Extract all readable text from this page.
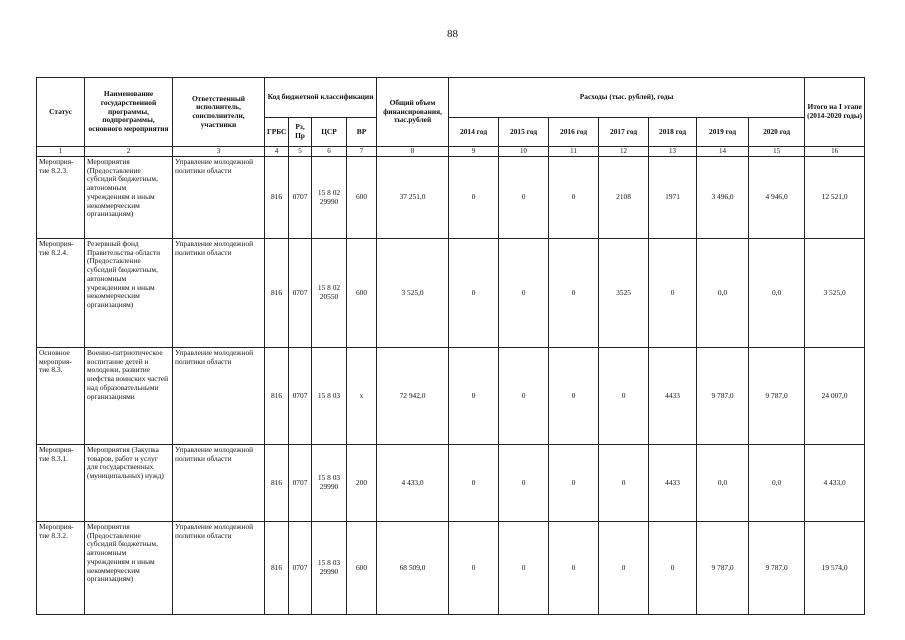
88
Статус	Наименование государственной программы, подпрограммы, основного мероприятия	Ответственный исполнитель, соисполнители, участники	Код бюджетной классификации				Общий объем финансирования, тыс.рублей	Расходы (тыс. рублей), годы							Итого на I этапе (2014-2020 годы)
			ГРБС	Рз, Пр	ЦСР	ВР		2014 год	2015 год	2016 год	2017 год	2018 год	2019 год	2020 год	
1	2	3	4	5	6	7	8	9	10	11	12	13	14	15	16
Мероприя-тие 8.2.3.	Мероприятия (Предоставление субсидий бюджетным, автономным учреждениям и иным некоммерческим организациям)	Управление молодежной политики области	816	0707	15 8 02 29990	600	37 251,0	0	0	0	2108	1971	3 496,0	4 946,0	12 521,0
Мероприя-тие 8.2.4.	Резервный фонд Правительства области (Предоставление субсидий бюджетным, автономным учреждениям и иным некоммерческим организациям)	Управление молодежной политики области	816	0707	15 8 02 20550	600	3 525,0	0	0	0	3525	0	0,0	0,0	3 525,0
Основное мероприя-тие 8.3.	Военно-патриотическое воспитание детей и молодежи, развитие шефства воинских частей над образовательными организациями	Управление молодежной политики области	816	0707	15 8 03	x	72 942,0	0	0	0	0	4433	9 787,0	9 787,0	24 007,0
Мероприя-тие 8.3.1.	Мероприятия (Закупка товаров, работ и услуг для государственных (муниципальных) нужд)	Управление молодежной политики области	816	0707	15 8 03 29990	200	4 433,0	0	0	0	0	4433	0,0	0,0	4 433,0
Мероприя-тие 8.3.2.	Мероприятия (Предоставление субсидий бюджетным, автономным учреждениям и иным некоммерческим организациям)	Управление молодежной политики области	816	0707	15 8 03 29990	600	68 509,0	0	0	0	0	0	9 787,0	9 787,0	19 574,0
